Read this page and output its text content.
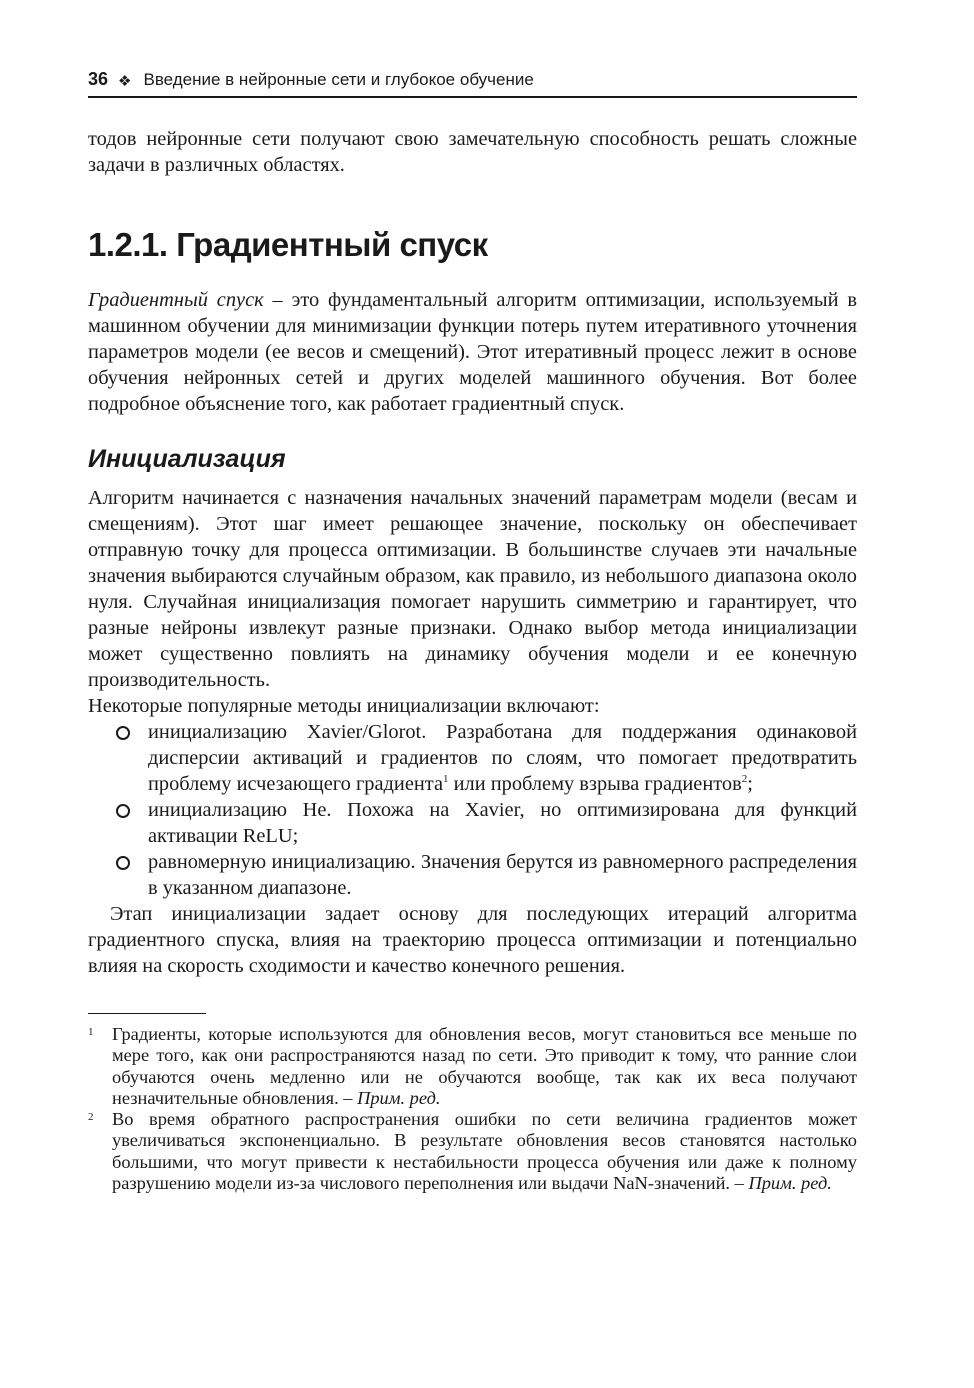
36 ❖ Введение в нейронные сети и глубокое обучение

тодов нейронные сети получают свою замечательную способность решать сложные задачи в различных областях.

1.2.1. Градиентный спуск

Градиентный спуск – это фундаментальный алгоритм оптимизации, используемый в машинном обучении для минимизации функции потерь путем итеративного уточнения параметров модели (ее весов и смещений). Этот итеративный процесс лежит в основе обучения нейронных сетей и других моделей машинного обучения. Вот более подробное объяснение того, как работает градиентный спуск.

Инициализация

Алгоритм начинается с назначения начальных значений параметрам модели (весам и смещениям). Этот шаг имеет решающее значение, поскольку он обеспечивает отправную точку для процесса оптимизации. В большинстве случаев эти начальные значения выбираются случайным образом, как правило, из небольшого диапазона около нуля. Случайная инициализация помогает нарушить симметрию и гарантирует, что разные нейроны извлекут разные признаки. Однако выбор метода инициализации может существенно повлиять на динамику обучения модели и ее конечную производительность.

Некоторые популярные методы инициализации включают:

инициализацию Xavier/Glorot. Разработана для поддержания одинаковой дисперсии активаций и градиентов по слоям, что помогает предотвратить проблему исчезающего градиента$^1$ или проблему взрыва градиентов$^2$;
инициализацию He. Похожа на Xavier, но оптимизирована для функций активации ReLU;
равномерную инициализацию. Значения берутся из равномерного распределения в указанном диапазоне.

Этап инициализации задает основу для последующих итераций алгоритма градиентного спуска, влияя на траекторию процесса оптимизации и потенциально влияя на скорость сходимости и качество конечного решения.

1 Градиенты, которые используются для обновления весов, могут становиться все меньше по мере того, как они распространяются назад по сети. Это приводит к тому, что ранние слои обучаются очень медленно или не обучаются вообще, так как их веса получают незначительные обновления. – Прим. ред.
2 Во время обратного распространения ошибки по сети величина градиентов может увеличиваться экспоненциально. В результате обновления весов становятся настолько большими, что могут привести к нестабильности процесса обучения или даже к полному разрушению модели из-за числового переполнения или выдачи NaN-значений. – Прим. ред.
